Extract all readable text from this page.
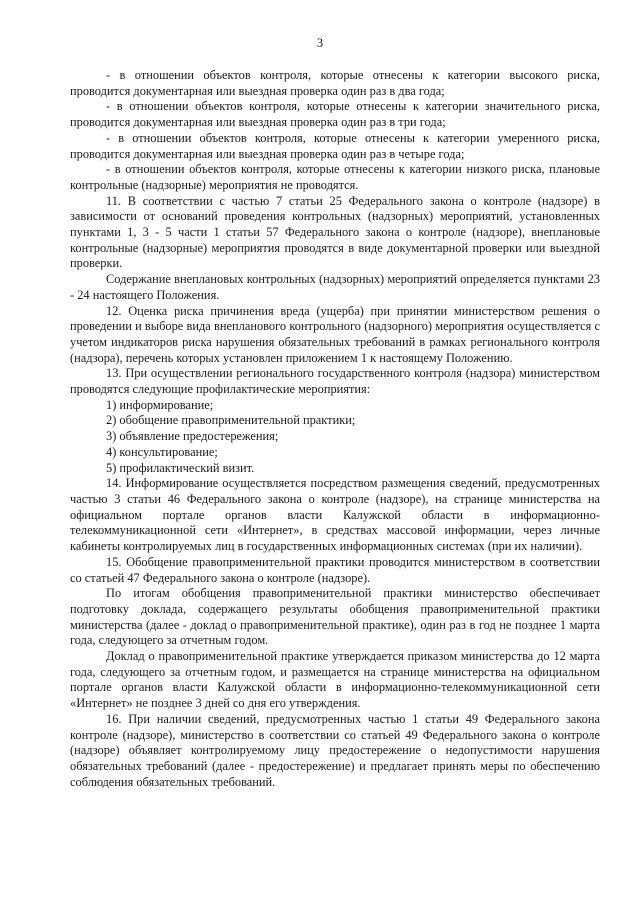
3

- в отношении объектов контроля, которые отнесены к категории высокого риска, проводится документарная или выездная проверка один раз в два года;

- в отношении объектов контроля, которые отнесены к категории значительного риска, проводится документарная или выездная проверка один раз в три года;

- в отношении объектов контроля, которые отнесены к категории умеренного риска, проводится документарная или выездная проверка один раз в четыре года;

- в отношении объектов контроля, которые отнесены к категории низкого риска, плановые контрольные (надзорные) мероприятия не проводятся.

11. В соответствии с частью 7 статьи 25 Федерального закона о контроле (надзоре) в зависимости от оснований проведения контрольных (надзорных) мероприятий, установленных пунктами 1, 3 - 5 части 1 статьи 57 Федерального закона о контроле (надзоре), внеплановые контрольные (надзорные) мероприятия проводятся в виде документарной проверки или выездной проверки.

Содержание внеплановых контрольных (надзорных) мероприятий определяется пунктами 23 - 24 настоящего Положения.

12. Оценка риска причинения вреда (ущерба) при принятии министерством решения о проведении и выборе вида внепланового контрольного (надзорного) мероприятия осуществляется с учетом индикаторов риска нарушения обязательных требований в рамках регионального контроля (надзора), перечень которых установлен приложением 1 к настоящему Положению.

13. При осуществлении регионального государственного контроля (надзора) министерством проводятся следующие профилактические мероприятия:

1) информирование;

2) обобщение правоприменительной практики;

3) объявление предостережения;

4) консультирование;

5) профилактический визит.

14. Информирование осуществляется посредством размещения сведений, предусмотренных частью 3 статьи 46 Федерального закона о контроле (надзоре), на странице министерства на официальном портале органов власти Калужской области в информационно-телекоммуникационной сети «Интернет», в средствах массовой информации, через личные кабинеты контролируемых лиц в государственных информационных системах (при их наличии).

15. Обобщение правоприменительной практики проводится министерством в соответствии со статьей 47 Федерального закона о контроле (надзоре).

По итогам обобщения правоприменительной практики министерство обеспечивает подготовку доклада, содержащего результаты обобщения правоприменительной практики министерства (далее - доклад о правоприменительной практике), один раз в год не позднее 1 марта года, следующего за отчетным годом.

Доклад о правоприменительной практике утверждается приказом министерства до 12 марта года, следующего за отчетным годом, и размещается на странице министерства на официальном портале органов власти Калужской области в информационно-телекоммуникационной сети «Интернет» не позднее 3 дней со дня его утверждения.

16. При наличии сведений, предусмотренных частью 1 статьи 49 Федерального закона контроле (надзоре), министерство в соответствии со статьей 49 Федерального закона о контроле (надзоре) объявляет контролируемому лицу предостережение о недопустимости нарушения обязательных требований (далее - предостережение) и предлагает принять меры по обеспечению соблюдения обязательных требований.
